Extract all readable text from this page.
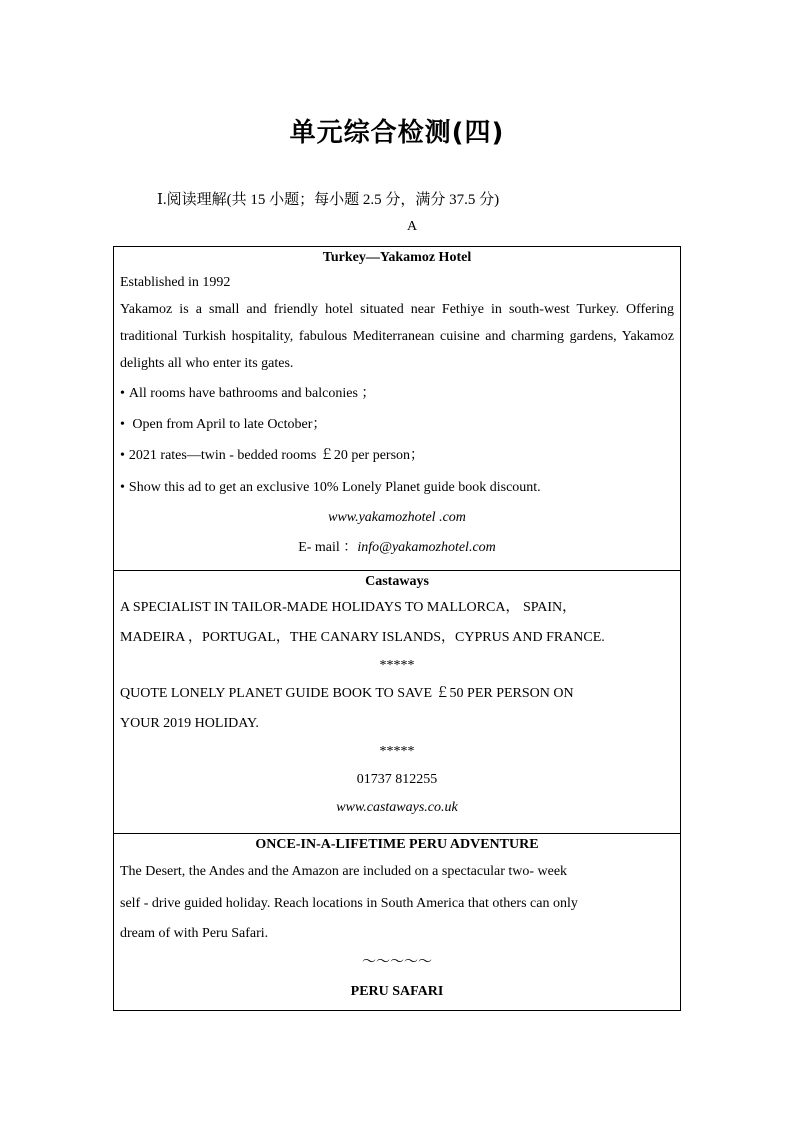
单元综合检测(四)
Ⅰ.阅读理解(共 15 小题；每小题 2.5 分，满分 37.5 分)
A
Turkey—Yakamoz Hotel
Established in 1992
Yakamoz is a small and friendly hotel situated near Fethiye in south-west Turkey. Offering traditional Turkish hospitality, fabulous Mediterranean cuisine and charming gardens, Yakamoz delights all who enter its gates.
• All rooms have bathrooms and balconies ；
• Open from April to late October；
• 2021 rates—twin - bedded rooms ￡20 per person；
• Show this ad to get an exclusive 10% Lonely Planet guide book discount.
www.yakamozhotel .com
E- mail ：info@yakamozhotel.com
Castaways
A SPECIALIST IN TAILOR-MADE HOLIDAYS TO MALLORCA， SPAIN，
MADEIRA ，PORTUGAL，THE CANARY ISLANDS，CYPRUS AND FRANCE.
*****
QUOTE LONELY PLANET GUIDE BOOK TO SAVE ￡50 PER PERSON ON
YOUR 2019 HOLIDAY.
*****
01737 812255
www.castaways.co.uk
ONCE-IN-A-LIFETIME PERU ADVENTURE
The Desert, the Andes and the Amazon are included on a spectacular two- week
self - drive guided holiday. Reach locations in South America that others can only
dream of with Peru Safari.
～～～～～
PERU SAFARI
